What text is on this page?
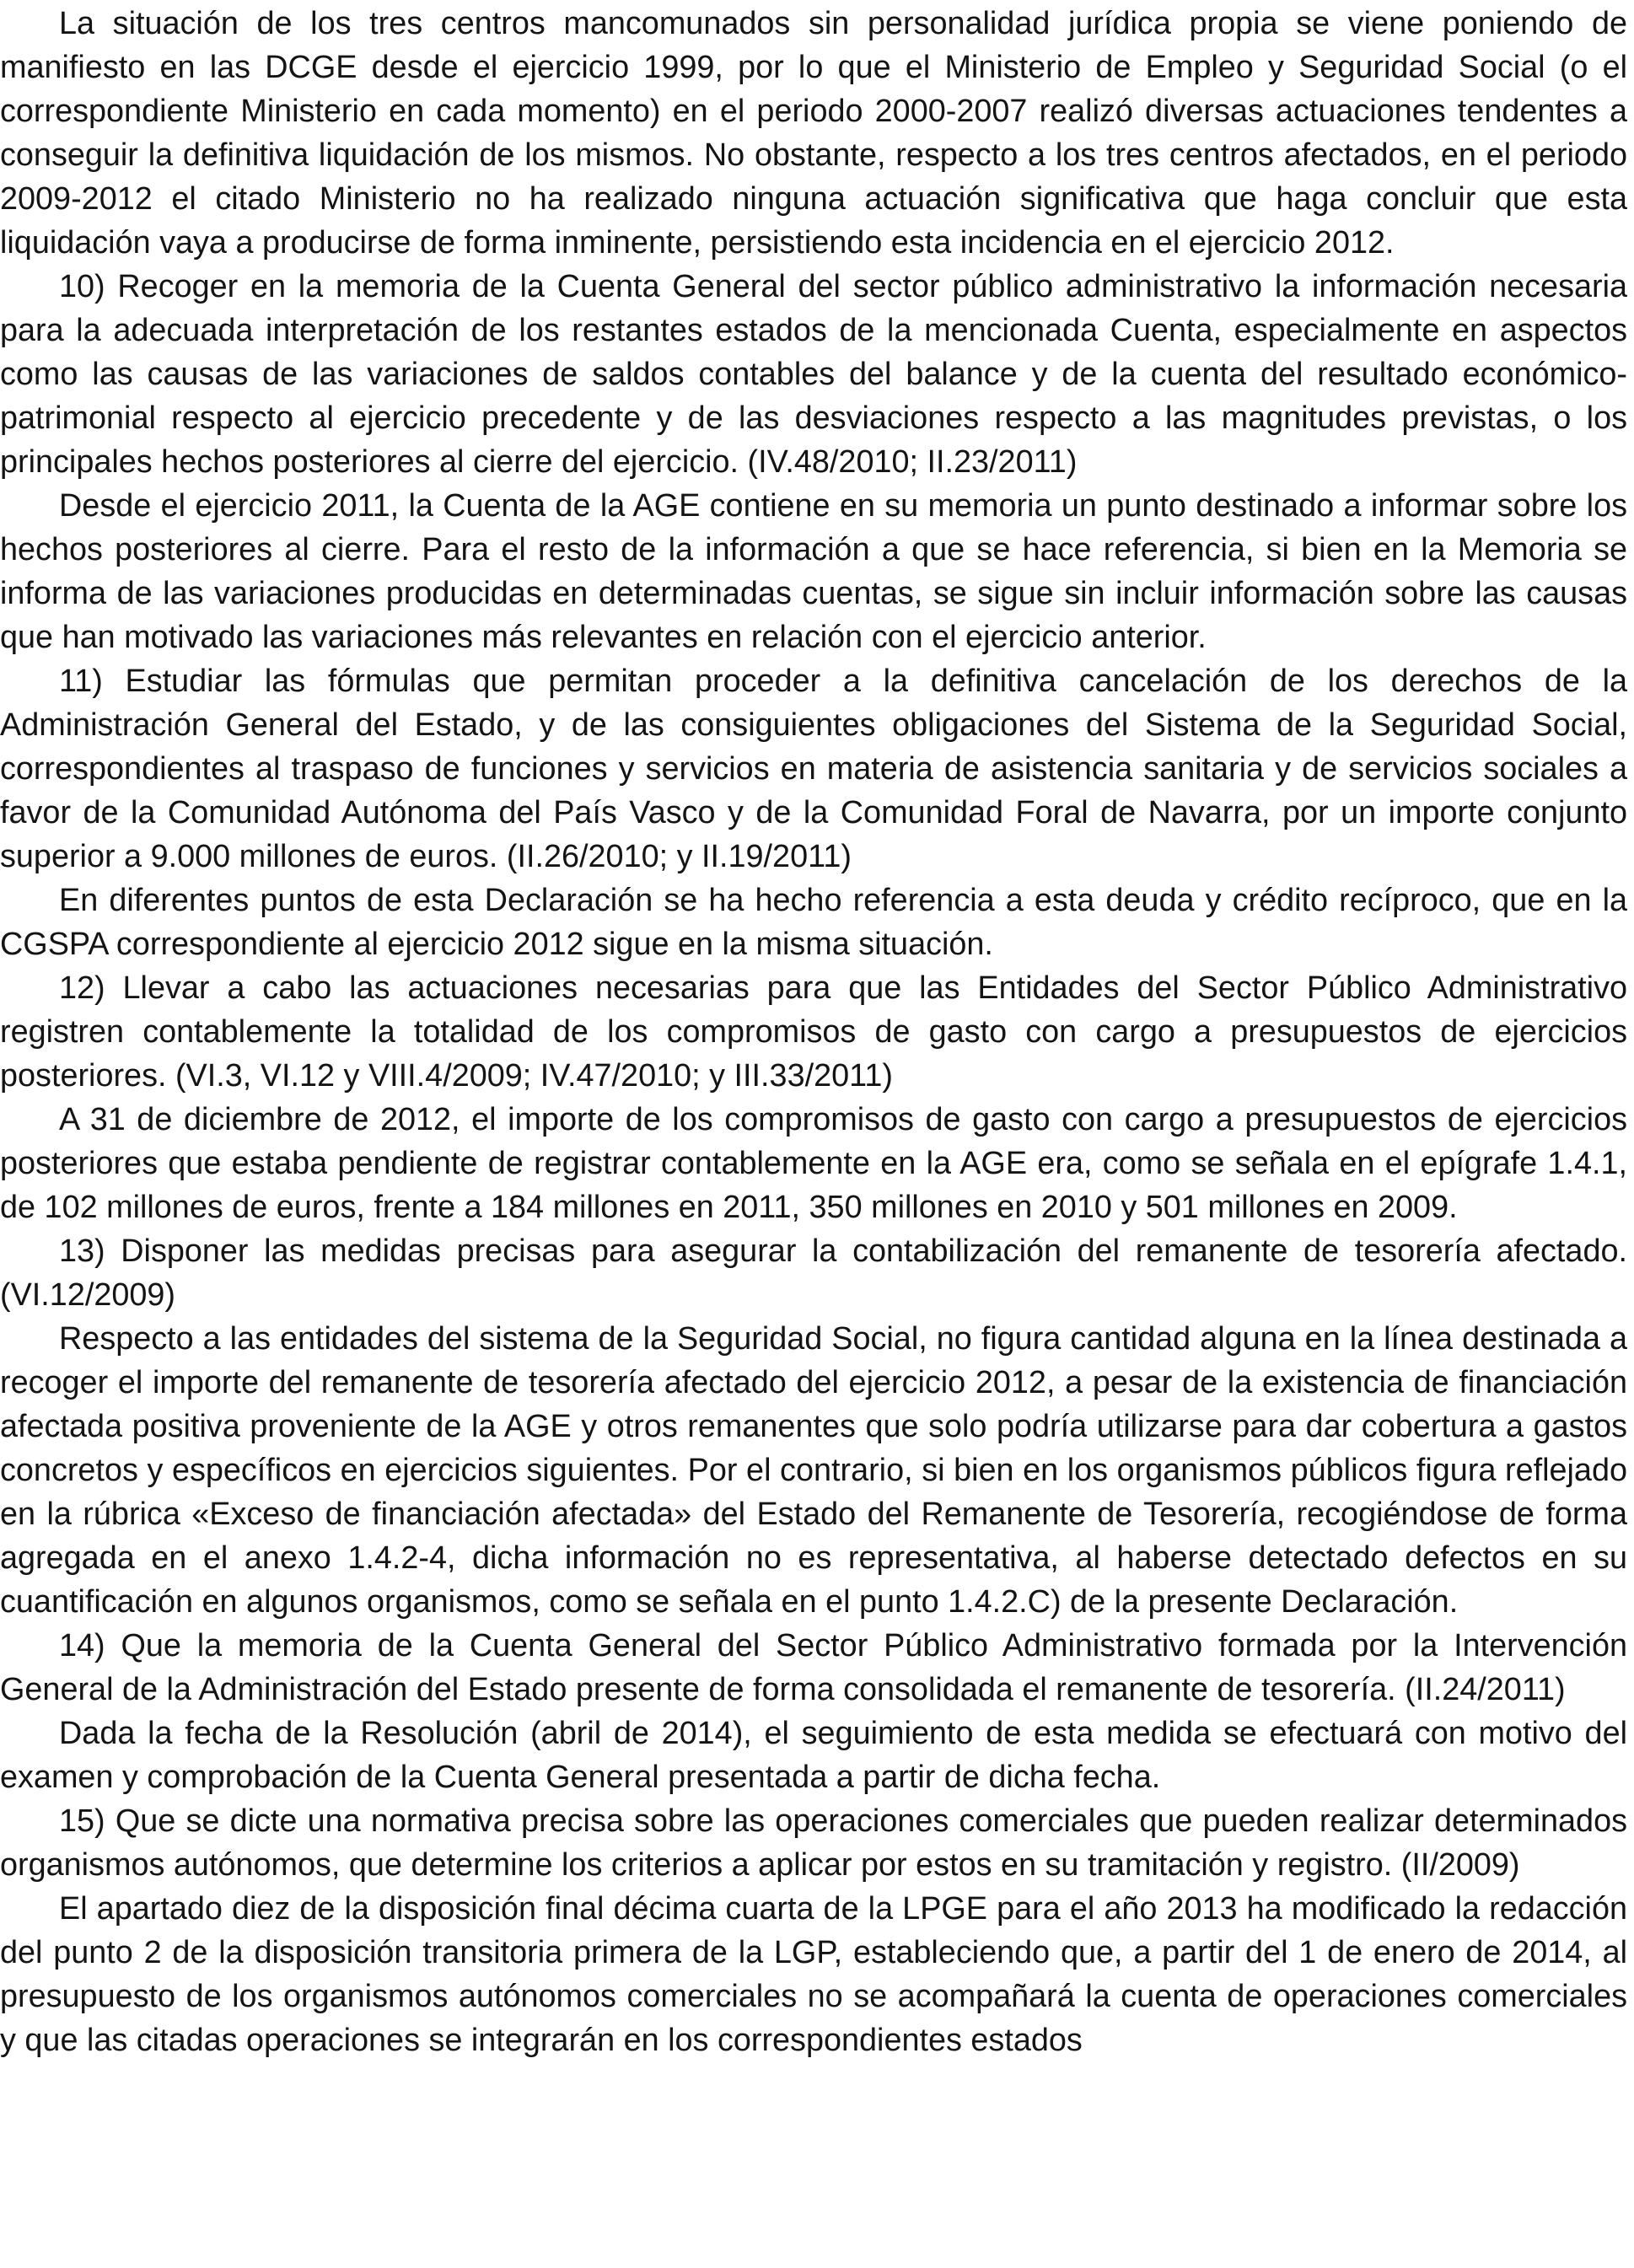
La situación de los tres centros mancomunados sin personalidad jurídica propia se viene poniendo de manifiesto en las DCGE desde el ejercicio 1999, por lo que el Ministerio de Empleo y Seguridad Social (o el correspondiente Ministerio en cada momento) en el periodo 2000-2007 realizó diversas actuaciones tendentes a conseguir la definitiva liquidación de los mismos. No obstante, respecto a los tres centros afectados, en el periodo 2009-2012 el citado Ministerio no ha realizado ninguna actuación significativa que haga concluir que esta liquidación vaya a producirse de forma inminente, persistiendo esta incidencia en el ejercicio 2012.

10) Recoger en la memoria de la Cuenta General del sector público administrativo la información necesaria para la adecuada interpretación de los restantes estados de la mencionada Cuenta, especialmente en aspectos como las causas de las variaciones de saldos contables del balance y de la cuenta del resultado económico-patrimonial respecto al ejercicio precedente y de las desviaciones respecto a las magnitudes previstas, o los principales hechos posteriores al cierre del ejercicio. (IV.48/2010; II.23/2011)

Desde el ejercicio 2011, la Cuenta de la AGE contiene en su memoria un punto destinado a informar sobre los hechos posteriores al cierre. Para el resto de la información a que se hace referencia, si bien en la Memoria se informa de las variaciones producidas en determinadas cuentas, se sigue sin incluir información sobre las causas que han motivado las variaciones más relevantes en relación con el ejercicio anterior.

11) Estudiar las fórmulas que permitan proceder a la definitiva cancelación de los derechos de la Administración General del Estado, y de las consiguientes obligaciones del Sistema de la Seguridad Social, correspondientes al traspaso de funciones y servicios en materia de asistencia sanitaria y de servicios sociales a favor de la Comunidad Autónoma del País Vasco y de la Comunidad Foral de Navarra, por un importe conjunto superior a 9.000 millones de euros. (II.26/2010; y II.19/2011)

En diferentes puntos de esta Declaración se ha hecho referencia a esta deuda y crédito recíproco, que en la CGSPA correspondiente al ejercicio 2012 sigue en la misma situación.

12) Llevar a cabo las actuaciones necesarias para que las Entidades del Sector Público Administrativo registren contablemente la totalidad de los compromisos de gasto con cargo a presupuestos de ejercicios posteriores. (VI.3, VI.12 y VIII.4/2009; IV.47/2010; y III.33/2011)

A 31 de diciembre de 2012, el importe de los compromisos de gasto con cargo a presupuestos de ejercicios posteriores que estaba pendiente de registrar contablemente en la AGE era, como se señala en el epígrafe 1.4.1, de 102 millones de euros, frente a 184 millones en 2011, 350 millones en 2010 y 501 millones en 2009.

13) Disponer las medidas precisas para asegurar la contabilización del remanente de tesorería afectado. (VI.12/2009)

Respecto a las entidades del sistema de la Seguridad Social, no figura cantidad alguna en la línea destinada a recoger el importe del remanente de tesorería afectado del ejercicio 2012, a pesar de la existencia de financiación afectada positiva proveniente de la AGE y otros remanentes que solo podría utilizarse para dar cobertura a gastos concretos y específicos en ejercicios siguientes. Por el contrario, si bien en los organismos públicos figura reflejado en la rúbrica «Exceso de financiación afectada» del Estado del Remanente de Tesorería, recogiéndose de forma agregada en el anexo 1.4.2-4, dicha información no es representativa, al haberse detectado defectos en su cuantificación en algunos organismos, como se señala en el punto 1.4.2.C) de la presente Declaración.

14) Que la memoria de la Cuenta General del Sector Público Administrativo formada por la Intervención General de la Administración del Estado presente de forma consolidada el remanente de tesorería. (II.24/2011)

Dada la fecha de la Resolución (abril de 2014), el seguimiento de esta medida se efectuará con motivo del examen y comprobación de la Cuenta General presentada a partir de dicha fecha.

15) Que se dicte una normativa precisa sobre las operaciones comerciales que pueden realizar determinados organismos autónomos, que determine los criterios a aplicar por estos en su tramitación y registro. (II/2009)

El apartado diez de la disposición final décima cuarta de la LPGE para el año 2013 ha modificado la redacción del punto 2 de la disposición transitoria primera de la LGP, estableciendo que, a partir del 1 de enero de 2014, al presupuesto de los organismos autónomos comerciales no se acompañará la cuenta de operaciones comerciales y que las citadas operaciones se integrarán en los correspondientes estados
